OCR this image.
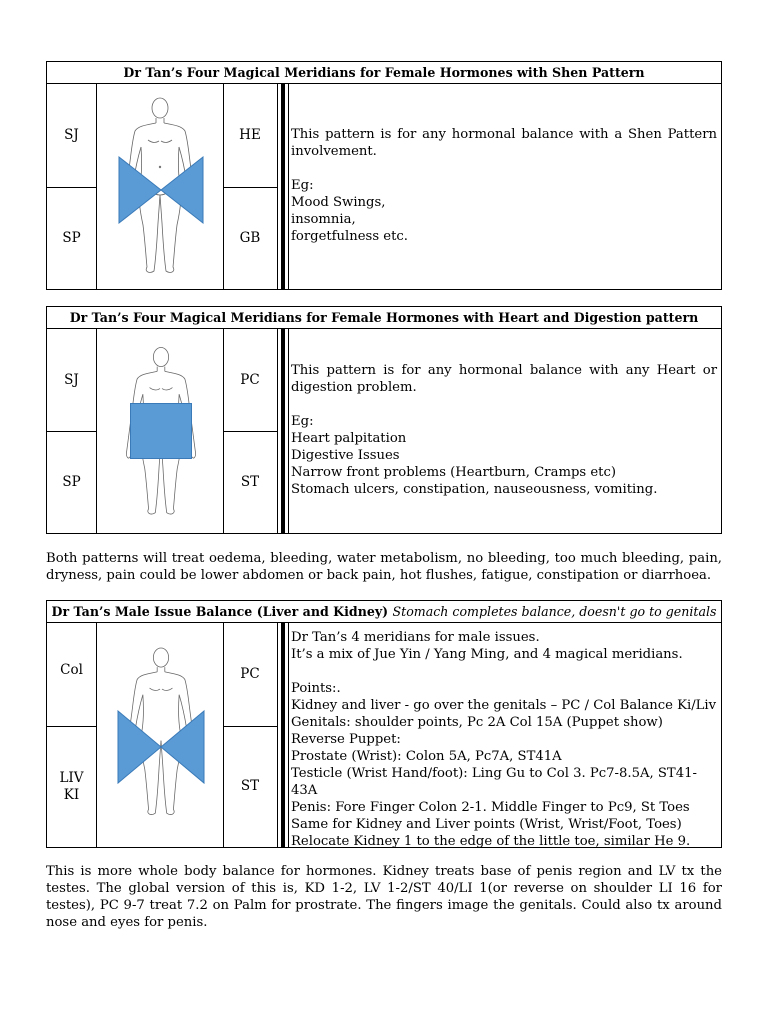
Dr Tan’s Four Magical Meridians for Female Hormones with Shen Pattern
SJ
SP
HE
GB

This pattern is for any hormonal balance with a Shen Pattern involvement.

Eg:

Mood Swings,

insomnia,

forgetfulness etc.

Dr Tan’s Four Magical Meridians for Female Hormones with Heart and Digestion pattern
SJ
SP
PC
ST

This pattern is for any hormonal balance with any Heart or digestion problem.

Eg:

Heart palpitation

Digestive Issues

Narrow front problems (Heartburn, Cramps etc)

Stomach ulcers, constipation, nauseousness, vomiting.

Both patterns will treat oedema, bleeding, water metabolism, no bleeding, too much bleeding, pain, dryness, pain could be lower abdomen or back pain, hot flushes, fatigue, constipation or diarrhoea.
Dr Tan’s Male Issue Balance (Liver and Kidney) Stomach completes balance, doesn't go to genitals
Col
LIV
KI
PC
ST

Dr Tan’s 4 meridians for male issues.

It’s a mix of Jue Yin / Yang Ming, and 4 magical meridians.

Points:.

Kidney and liver - go over the genitals – PC / Col Balance Ki/Liv

Genitals: shoulder points, Pc 2A Col 15A (Puppet show)

Reverse Puppet:

Prostate (Wrist): Colon 5A, Pc7A, ST41A

Testicle (Wrist Hand/foot): Ling Gu to Col 3. Pc7-8.5A, ST41-43A

Penis: Fore Finger Colon 2-1. Middle Finger to Pc9, St Toes

Same for Kidney and Liver points (Wrist, Wrist/Foot, Toes)

Relocate Kidney 1 to the edge of the little toe, similar He 9.

This is more whole body balance for hormones. Kidney treats base of penis region and LV tx the testes. The global version of this is, KD 1-2, LV 1-2/ST 40/LI 1(or reverse on shoulder LI 16 for testes), PC 9-7 treat 7.2 on Palm for prostrate. The fingers image the genitals. Could also tx around nose and eyes for penis.
